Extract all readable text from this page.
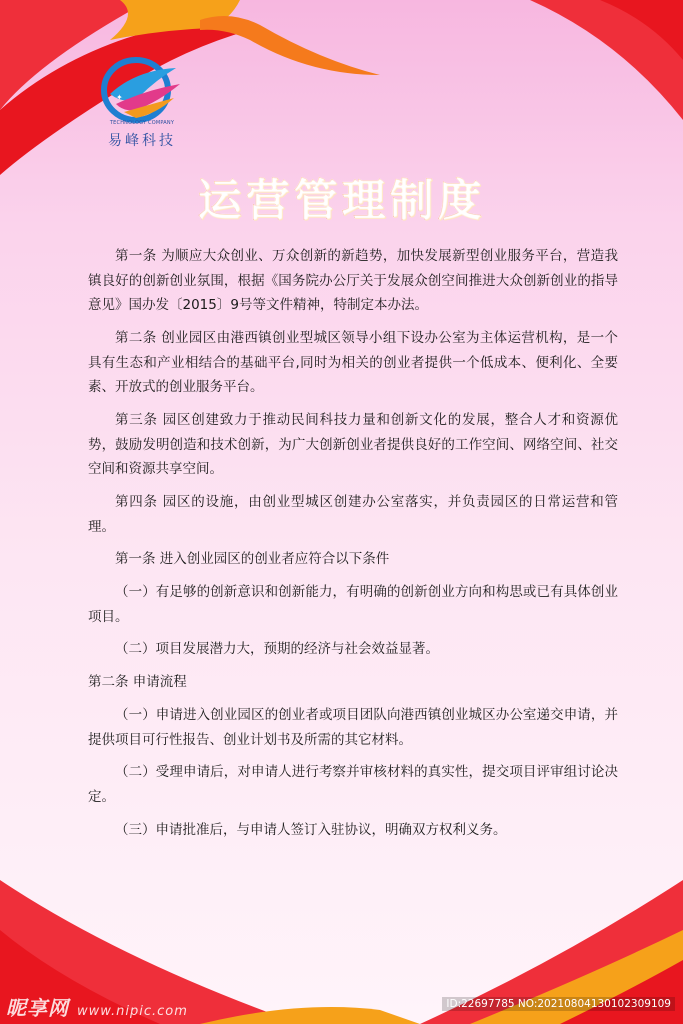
✦
TECHNOLOGY COMPANY
易峰科技
运营管理制度

第一条 为顺应大众创业、万众创新的新趋势，加快发展新型创业服务平台，营造我镇良好的创新创业氛围，根据《国务院办公厅关于发展众创空间推进大众创新创业的指导意见》国办发〔2015〕9号等文件精神，特制定本办法。

第二条 创业园区由港西镇创业型城区领导小组下设办公室为主体运营机构，是一个具有生态和产业相结合的基础平台,同时为相关的创业者提供一个低成本、便利化、全要素、开放式的创业服务平台。

第三条 园区创建致力于推动民间科技力量和创新文化的发展，整合人才和资源优势，鼓励发明创造和技术创新，为广大创新创业者提供良好的工作空间、网络空间、社交空间和资源共享空间。

第四条 园区的设施，由创业型城区创建办公室落实，并负责园区的日常运营和管理。

第一条 进入创业园区的创业者应符合以下条件

（一）有足够的创新意识和创新能力，有明确的创新创业方向和构思或已有具体创业项目。

（二）项目发展潜力大，预期的经济与社会效益显著。

第二条 申请流程

（一）申请进入创业园区的创业者或项目团队向港西镇创业城区办公室递交申请，并提供项目可行性报告、创业计划书及所需的其它材料。

（二）受理申请后，对申请人进行考察并审核材料的真实性，提交项目评审组讨论决定。

（三）申请批准后，与申请人签订入驻协议，明确双方权利义务。

昵享网 www.nipic.com	ID:22697785 NO:20210804130102309109
